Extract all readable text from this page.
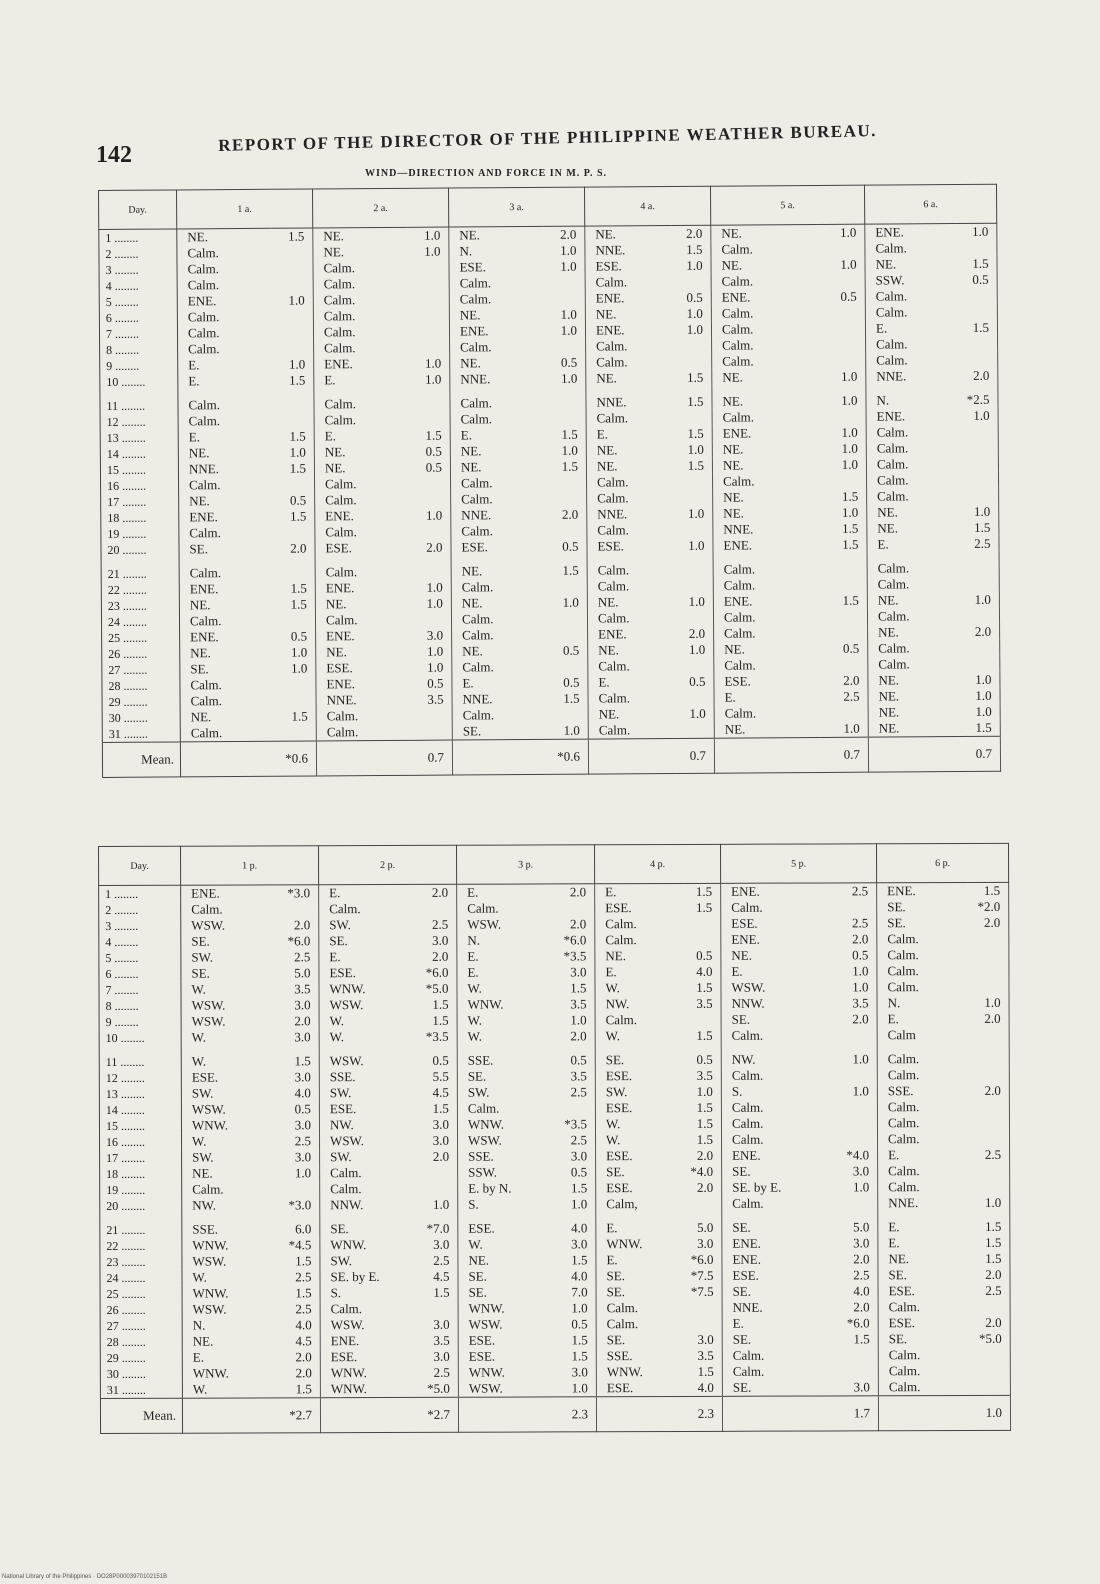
142
REPORT OF THE DIRECTOR OF THE PHILIPPINE WEATHER BUREAU.
WIND—DIRECTION AND FORCE IN M. P. S.
Day.	1 a.		2 a.		3 a.		4 a.		5 a.		6 a.	
1 ........	NE.	1.5	NE.	1.0	NE.	2.0	NE.	2.0	NE.	1.0	ENE.	1.0
2 ........	Calm.		NE.	1.0	N.	1.0	NNE.	1.5	Calm.		Calm.	
3 ........	Calm.		Calm.		ESE.	1.0	ESE.	1.0	NE.	1.0	NE.	1.5
4 ........	Calm.		Calm.		Calm.		Calm.		Calm.		SSW.	0.5
5 ........	ENE.	1.0	Calm.		Calm.		ENE.	0.5	ENE.	0.5	Calm.	
6 ........	Calm.		Calm.		NE.	1.0	NE.	1.0	Calm.		Calm.	
7 ........	Calm.		Calm.		ENE.	1.0	ENE.	1.0	Calm.		E.	1.5
8 ........	Calm.		Calm.		Calm.		Calm.		Calm.		Calm.	
9 ........	E.	1.0	ENE.	1.0	NE.	0.5	Calm.		Calm.		Calm.	
10 ........	E.	1.5	E.	1.0	NNE.	1.0	NE.	1.5	NE.	1.0	NNE.	2.0
11 ........	Calm.		Calm.		Calm.		NNE.	1.5	NE.	1.0	N.	*2.5
12 ........	Calm.		Calm.		Calm.		Calm.		Calm.		ENE.	1.0
13 ........	E.	1.5	E.	1.5	E.	1.5	E.	1.5	ENE.	1.0	Calm.	
14 ........	NE.	1.0	NE.	0.5	NE.	1.0	NE.	1.0	NE.	1.0	Calm.	
15 ........	NNE.	1.5	NE.	0.5	NE.	1.5	NE.	1.5	NE.	1.0	Calm.	
16 ........	Calm.		Calm.		Calm.		Calm.		Calm.		Calm.	
17 ........	NE.	0.5	Calm.		Calm.		Calm.		NE.	1.5	Calm.	
18 ........	ENE.	1.5	ENE.	1.0	NNE.	2.0	NNE.	1.0	NE.	1.0	NE.	1.0
19 ........	Calm.		Calm.		Calm.		Calm.		NNE.	1.5	NE.	1.5
20 ........	SE.	2.0	ESE.	2.0	ESE.	0.5	ESE.	1.0	ENE.	1.5	E.	2.5
21 ........	Calm.		Calm.		NE.	1.5	Calm.		Calm.		Calm.	
22 ........	ENE.	1.5	ENE.	1.0	Calm.		Calm.		Calm.		Calm.	
23 ........	NE.	1.5	NE.	1.0	NE.	1.0	NE.	1.0	ENE.	1.5	NE.	1.0
24 ........	Calm.		Calm.		Calm.		Calm.		Calm.		Calm.	
25 ........	ENE.	0.5	ENE.	3.0	Calm.		ENE.	2.0	Calm.		NE.	2.0
26 ........	NE.	1.0	NE.	1.0	NE.	0.5	NE.	1.0	NE.	0.5	Calm.	
27 ........	SE.	1.0	ESE.	1.0	Calm.		Calm.		Calm.		Calm.	
28 ........	Calm.		ENE.	0.5	E.	0.5	E.	0.5	ESE.	2.0	NE.	1.0
29 ........	Calm.		NNE.	3.5	NNE.	1.5	Calm.		E.	2.5	NE.	1.0
30 ........	NE.	1.5	Calm.		Calm.		NE.	1.0	Calm.		NE.	1.0
31 ........	Calm.		Calm.		SE.	1.0	Calm.		NE.	1.0	NE.	1.5
Mean.		*0.6		0.7		*0.6		0.7		0.7		0.7
Day.	1 p.		2 p.		3 p.		4 p.		5 p.		6 p.	
1 ........	ENE.	*3.0	E.	2.0	E.	2.0	E.	1.5	ENE.	2.5	ENE.	1.5
2 ........	Calm.		Calm.		Calm.		ESE.	1.5	Calm.		SE.	*2.0
3 ........	WSW.	2.0	SW.	2.5	WSW.	2.0	Calm.		ESE.	2.5	SE.	2.0
4 ........	SE.	*6.0	SE.	3.0	N.	*6.0	Calm.		ENE.	2.0	Calm.	
5 ........	SW.	2.5	E.	2.0	E.	*3.5	NE.	0.5	NE.	0.5	Calm.	
6 ........	SE.	5.0	ESE.	*6.0	E.	3.0	E.	4.0	E.	1.0	Calm.	
7 ........	W.	3.5	WNW.	*5.0	W.	1.5	W.	1.5	WSW.	1.0	Calm.	
8 ........	WSW.	3.0	WSW.	1.5	WNW.	3.5	NW.	3.5	NNW.	3.5	N.	1.0
9 ........	WSW.	2.0	W.	1.5	W.	1.0	Calm.		SE.	2.0	E.	2.0
10 ........	W.	3.0	W.	*3.5	W.	2.0	W.	1.5	Calm.		Calm	
11 ........	W.	1.5	WSW.	0.5	SSE.	0.5	SE.	0.5	NW.	1.0	Calm.	
12 ........	ESE.	3.0	SSE.	5.5	SE.	3.5	ESE.	3.5	Calm.		Calm.	
13 ........	SW.	4.0	SW.	4.5	SW.	2.5	SW.	1.0	S.	1.0	SSE.	2.0
14 ........	WSW.	0.5	ESE.	1.5	Calm.		ESE.	1.5	Calm.		Calm.	
15 ........	WNW.	3.0	NW.	3.0	WNW.	*3.5	W.	1.5	Calm.		Calm.	
16 ........	W.	2.5	WSW.	3.0	WSW.	2.5	W.	1.5	Calm.		Calm.	
17 ........	SW.	3.0	SW.	2.0	SSE.	3.0	ESE.	2.0	ENE.	*4.0	E.	2.5
18 ........	NE.	1.0	Calm.		SSW.	0.5	SE.	*4.0	SE.	3.0	Calm.	
19 ........	Calm.		Calm.		E. by N.	1.5	ESE.	2.0	SE. by E.	1.0	Calm.	
20 ........	NW.	*3.0	NNW.	1.0	S.	1.0	Calm,		Calm.		NNE.	1.0
21 ........	SSE.	6.0	SE.	*7.0	ESE.	4.0	E.	5.0	SE.	5.0	E.	1.5
22 ........	WNW.	*4.5	WNW.	3.0	W.	3.0	WNW.	3.0	ENE.	3.0	E.	1.5
23 ........	WSW.	1.5	SW.	2.5	NE.	1.5	E.	*6.0	ENE.	2.0	NE.	1.5
24 ........	W.	2.5	SE. by E.	4.5	SE.	4.0	SE.	*7.5	ESE.	2.5	SE.	2.0
25 ........	WNW.	1.5	S.	1.5	SE.	7.0	SE.	*7.5	SE.	4.0	ESE.	2.5
26 ........	WSW.	2.5	Calm.		WNW.	1.0	Calm.		NNE.	2.0	Calm.	
27 ........	N.	4.0	WSW.	3.0	WSW.	0.5	Calm.		E.	*6.0	ESE.	2.0
28 ........	NE.	4.5	ENE.	3.5	ESE.	1.5	SE.	3.0	SE.	1.5	SE.	*5.0
29 ........	E.	2.0	ESE.	3.0	ESE.	1.5	SSE.	3.5	Calm.		Calm.	
30 ........	WNW.	2.0	WNW.	2.5	WNW.	3.0	WNW.	1.5	Calm.		Calm.	
31 ........	W.	1.5	WNW.	*5.0	WSW.	1.0	ESE.	4.0	SE.	3.0	Calm.	
Mean.		*2.7		*2.7		2.3		2.3		1.7		1.0
National Library of the Philippines · DO28P00003970102151B
